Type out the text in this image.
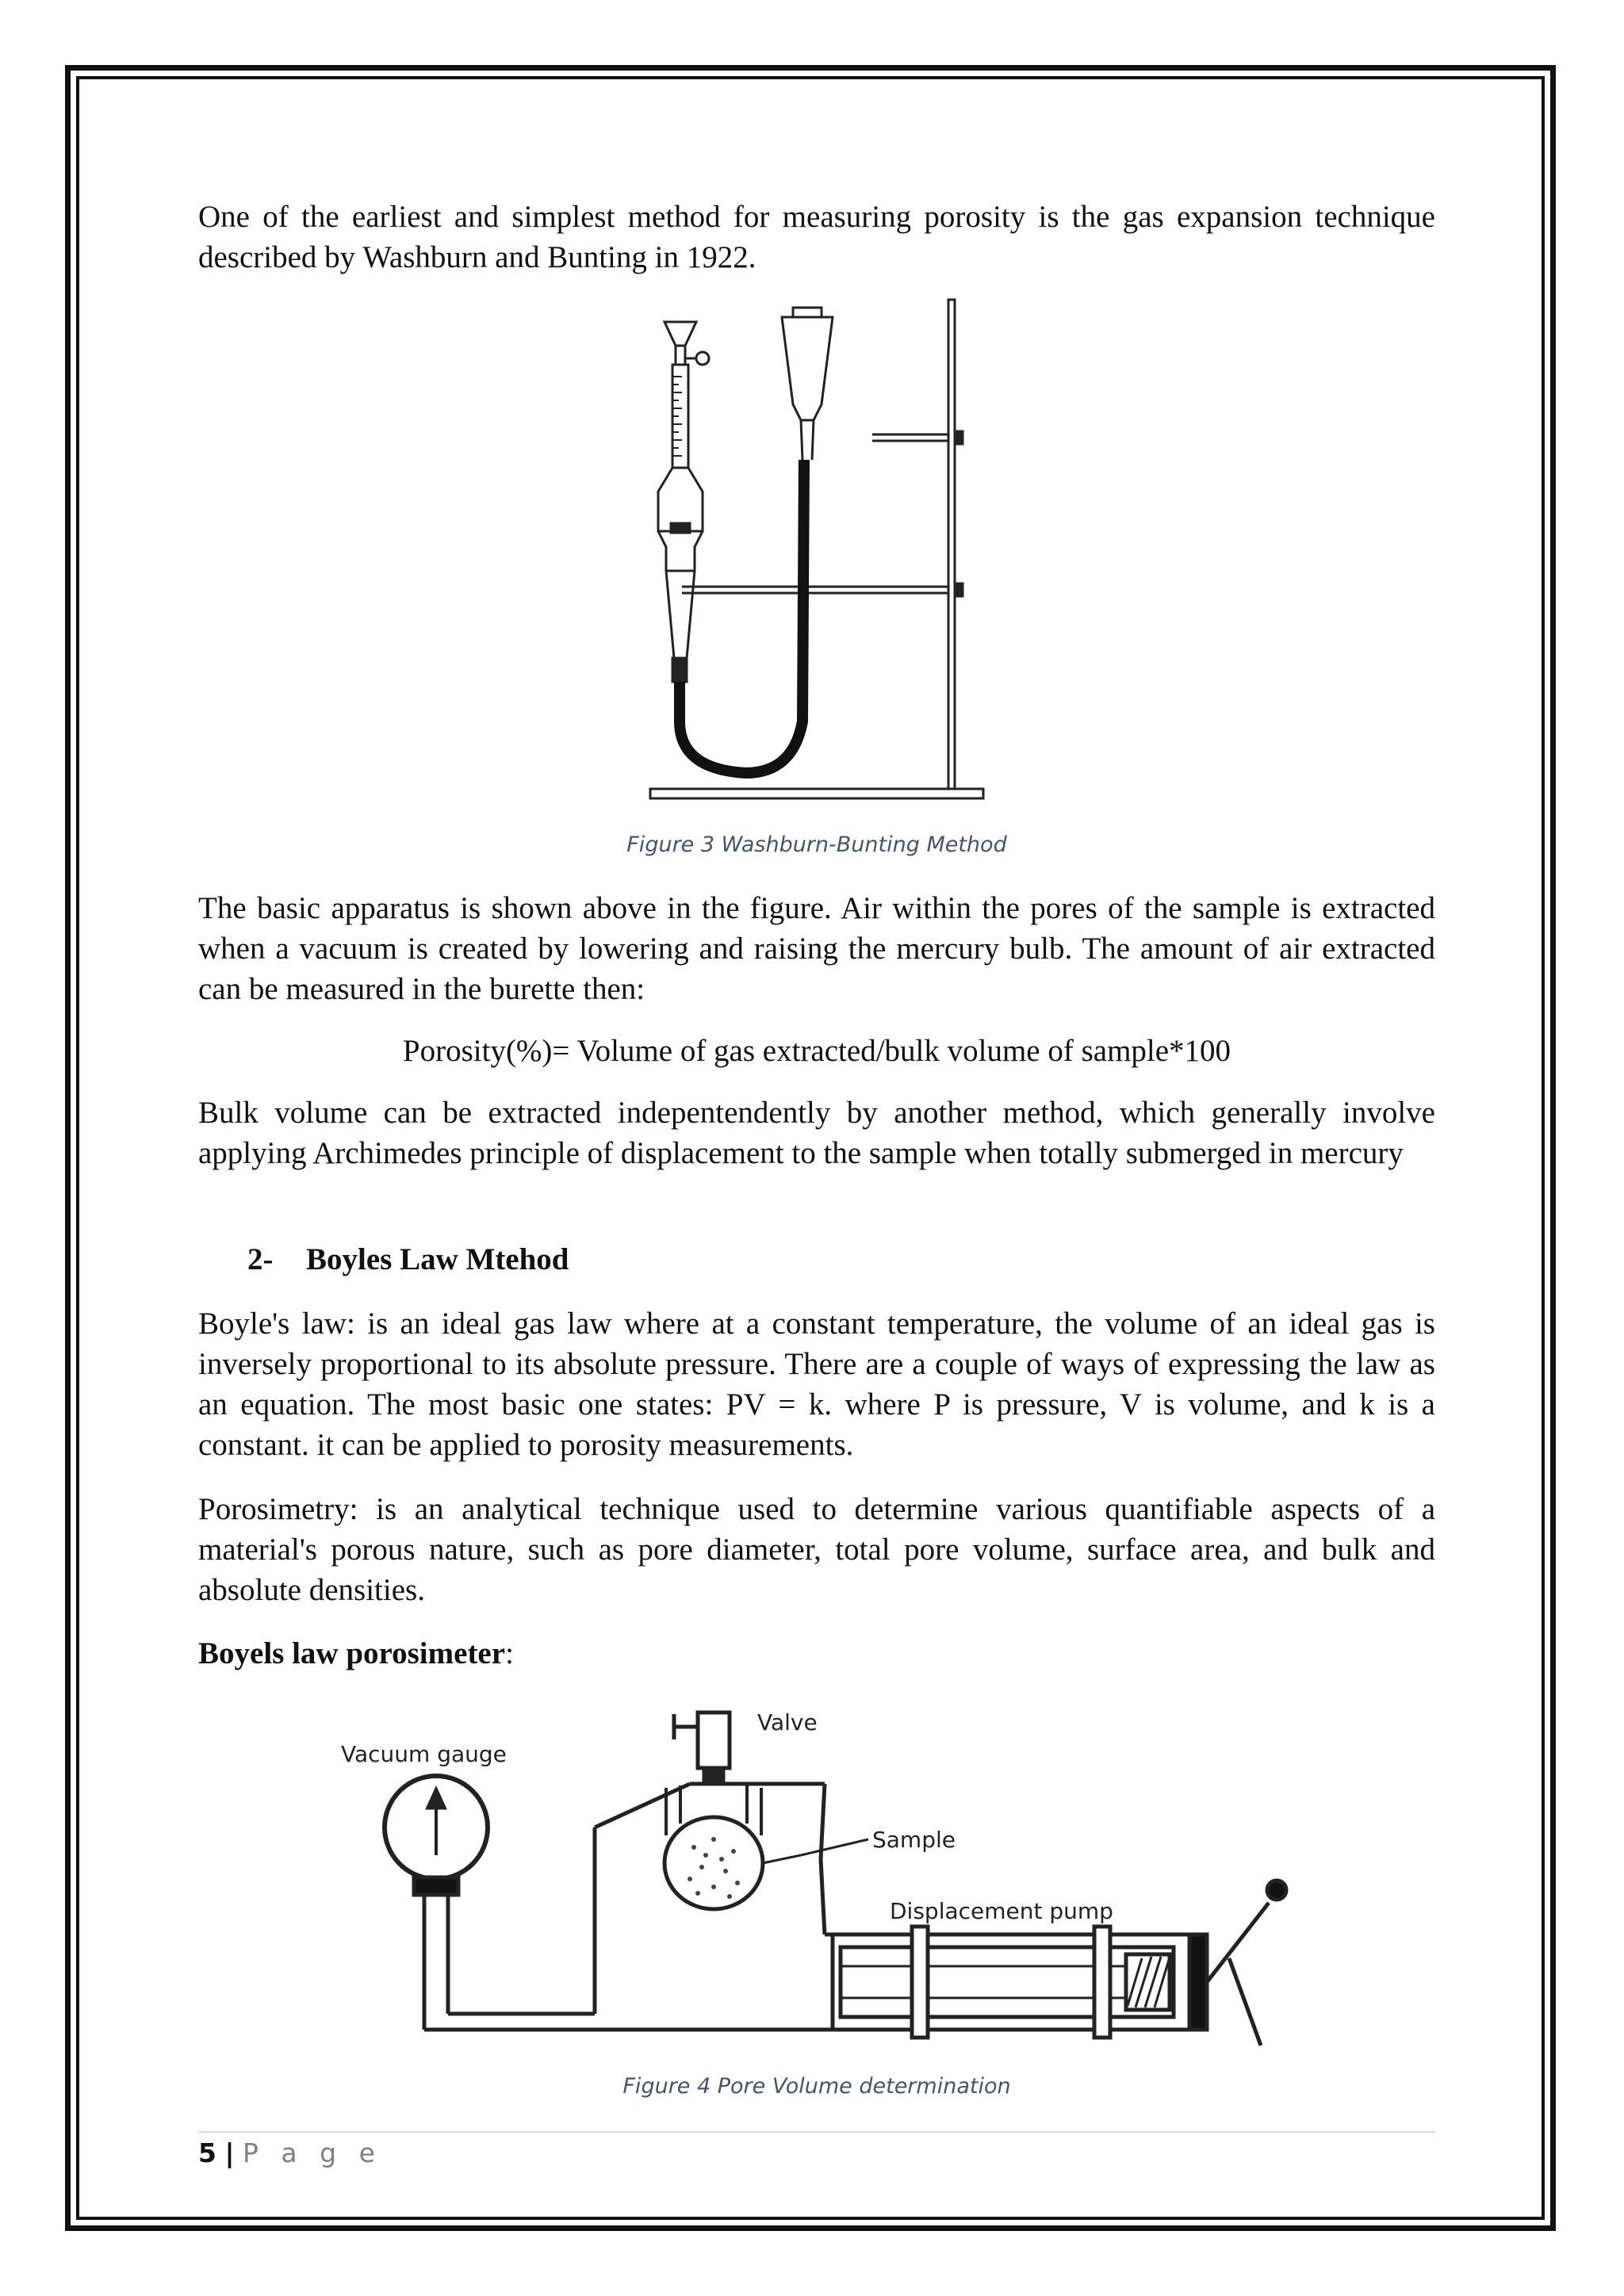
One of the earliest and simplest method for measuring porosity is the gas expansion technique described by Washburn and Bunting in 1922.

Figure 3 Washburn-Bunting Method

The basic apparatus is shown above in the figure. Air within the pores of the sample is extracted when a vacuum is created by lowering and raising the mercury bulb. The amount of air extracted can be measured in the burette then:

Porosity(%)= Volume of gas extracted/bulk volume of sample*100

Bulk volume can be extracted indepentendently by another method, which generally involve applying Archimedes principle of displacement to the sample when totally submerged in mercury

2- Boyles Law Mtehod

Boyle's law: is an ideal gas law where at a constant temperature, the volume of an ideal gas is inversely proportional to its absolute pressure. There are a couple of ways of expressing the law as an equation. The most basic one states: PV = k. where P is pressure, V is volume, and k is a constant. it can be applied to porosity measurements.

Porosimetry: is an analytical technique used to determine various quantifiable aspects of a material's porous nature, such as pore diameter, total pore volume, surface area, and bulk and absolute densities.

Boyels law porosimeter:
Vacuum gauge
Valve
Sample
Displacement pump
Figure 4 Pore Volume determination
5 | P a g e
